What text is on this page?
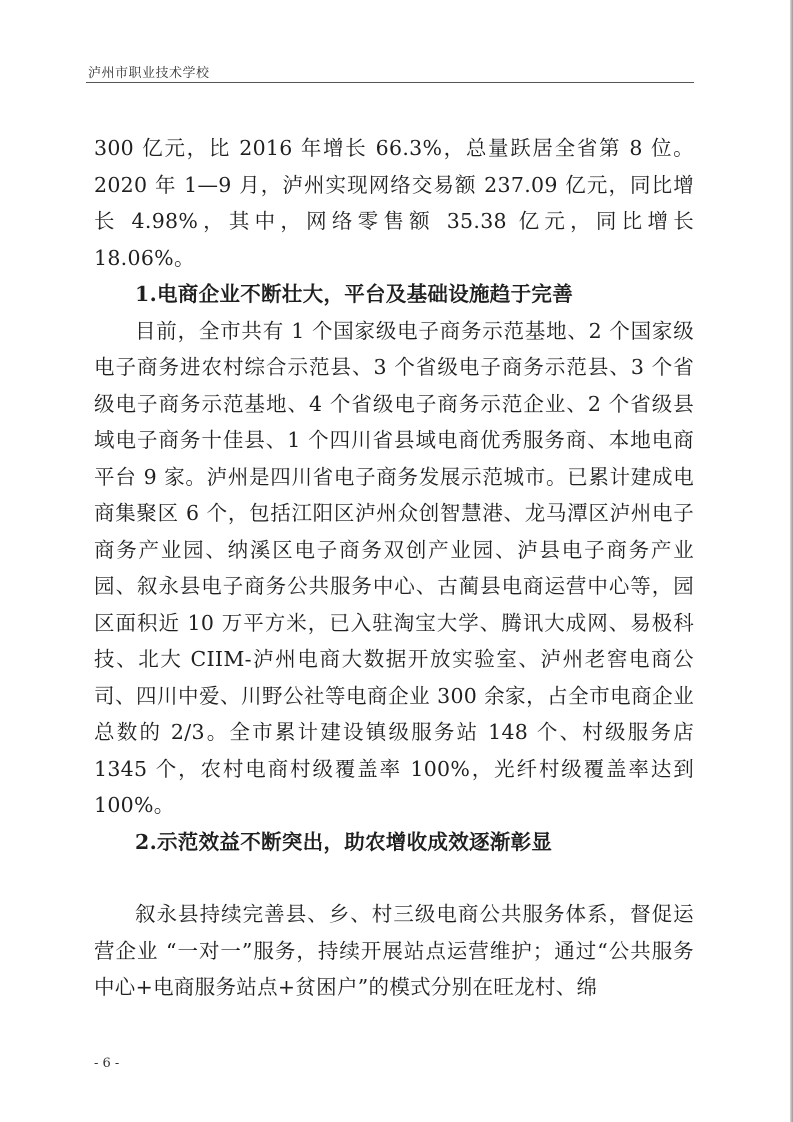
泸州市职业技术学校

300 亿元，比 2016 年增长 66.3%，总量跃居全省第 8 位。2020 年 1—9 月，泸州实现网络交易额 237.09 亿元，同比增长 4.98%，其中，网络零售额 35.38 亿元，同比增长 18.06%。

1.电商企业不断壮大，平台及基础设施趋于完善

目前，全市共有 1 个国家级电子商务示范基地、2 个国家级电子商务进农村综合示范县、3 个省级电子商务示范县、3 个省级电子商务示范基地、4 个省级电子商务示范企业、2 个省级县域电子商务十佳县、1 个四川省县域电商优秀服务商、本地电商平台 9 家。泸州是四川省电子商务发展示范城市。已累计建成电商集聚区 6 个，包括江阳区泸州众创智慧港、龙马潭区泸州电子商务产业园、纳溪区电子商务双创产业园、泸县电子商务产业园、叙永县电子商务公共服务中心、古蔺县电商运营中心等，园区面积近 10 万平方米，已入驻淘宝大学、腾讯大成网、易极科技、北大 CIIM-泸州电商大数据开放实验室、泸州老窖电商公司、四川中爱、川野公社等电商企业 300 余家，占全市电商企业总数的 2/3。全市累计建设镇级服务站 148 个、村级服务店 1345 个，农村电商村级覆盖率 100%，光纤村级覆盖率达到 100%。

2.示范效益不断突出，助农增收成效逐渐彰显

叙永县持续完善县、乡、村三级电商公共服务体系，督促运营企业 “一对一”服务，持续开展站点运营维护；通过“公共服务中心+电商服务站点+贫困户”的模式分别在旺龙村、绵

- 6 -
